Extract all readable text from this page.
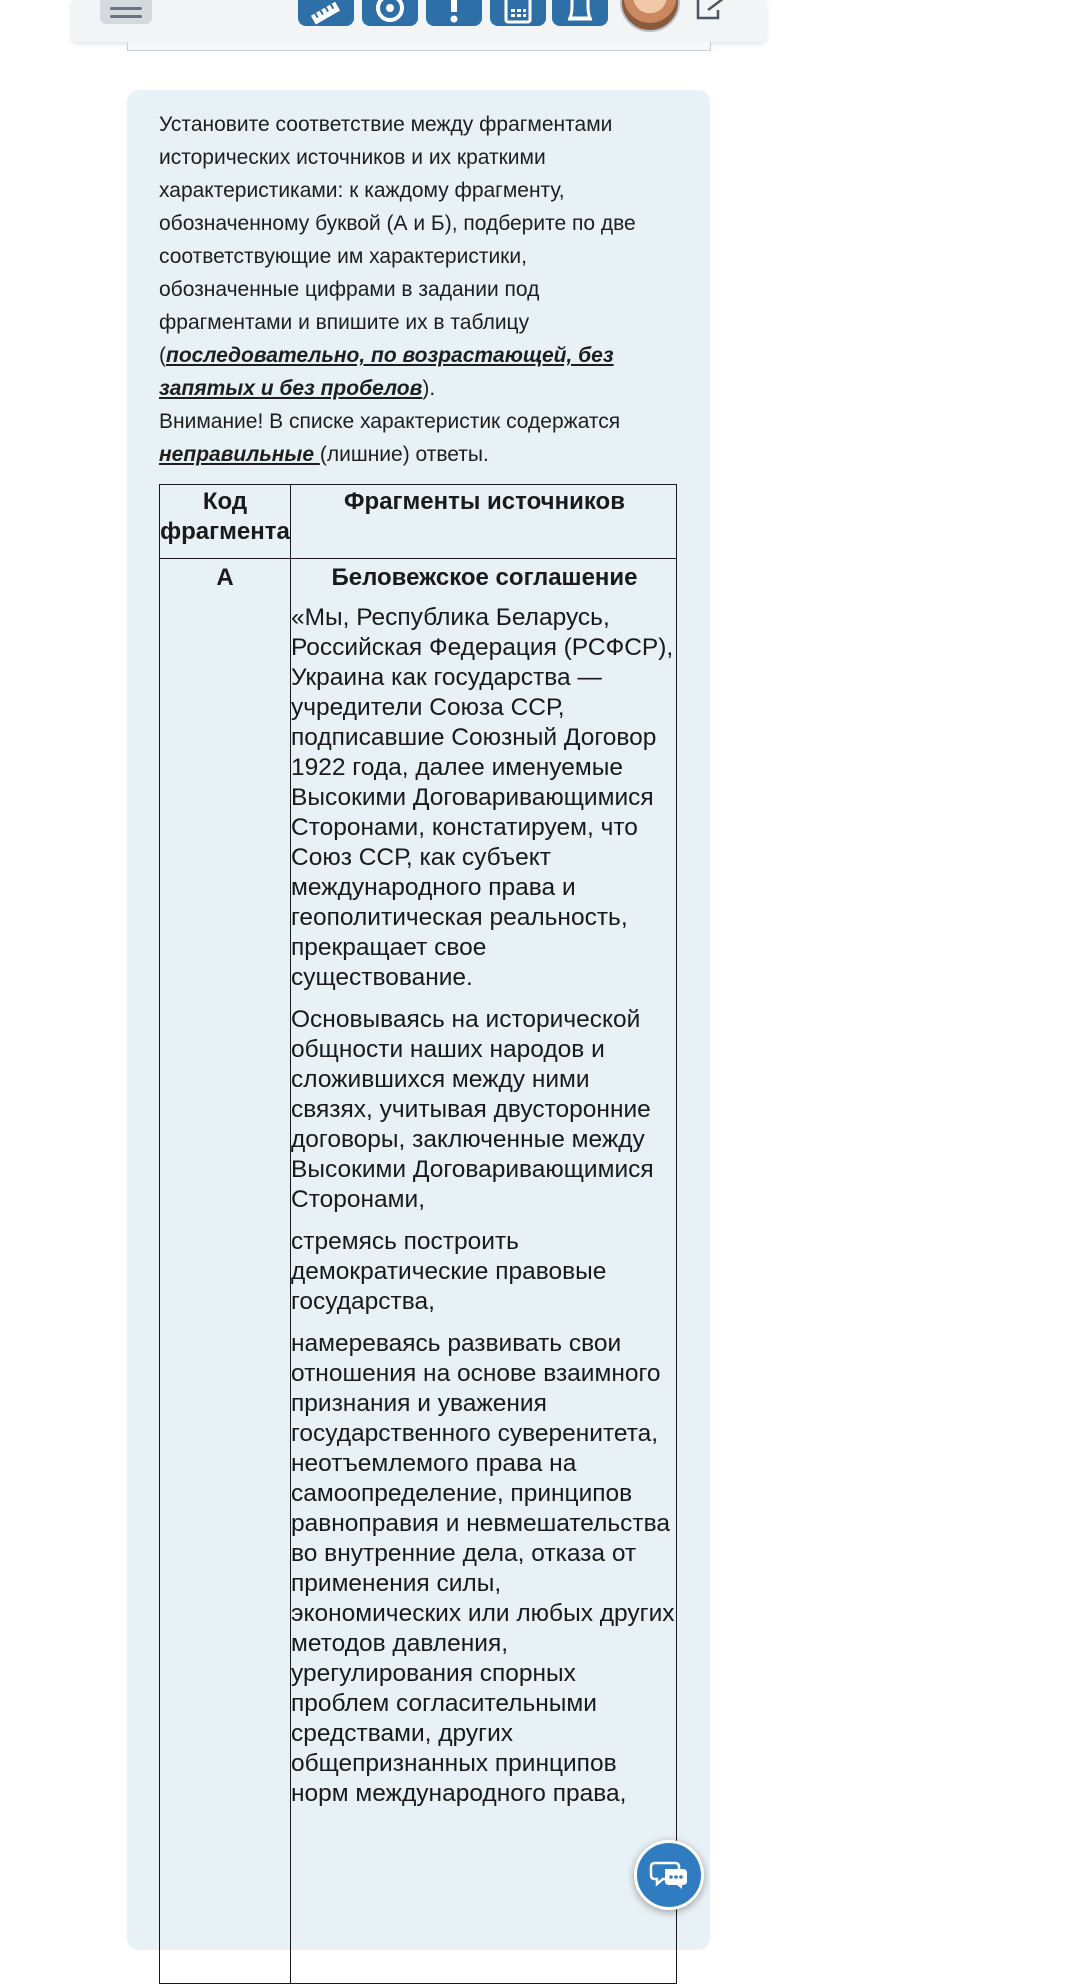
Установите соответствие между фрагментами

исторических источников и их краткими

характеристиками: к каждому фрагменту,

обозначенному буквой (А и Б), подберите по две

соответствующие им характеристики,

обозначенные цифрами в задании под

фрагментами и впишите их в таблицу

(последовательно, по возрастающей, без

запятых и без пробелов).

Внимание! В списке характеристик содержатся

неправильные (лишние) ответы.

Код
фрагмента
Фрагменты источников
А	Беловежское соглашение

«Мы, Республика Беларусь, Российская Федерация (РСФСР), Украина как государства — учредители Союза ССР, подписавшие Союзный Договор 1922 года, далее именуемые Высокими Договаривающимися Сторонами, констатируем, что Союз ССР, как субъект международного права и геополитическая реальность, прекращает свое существование.

Основываясь на исторической общности наших народов и сложившихся между ними связях, учитывая двусторонние договоры, заключенные между Высокими Договаривающимися Сторонами,

стремясь построить демократические правовые государства,

намереваясь развивать свои отношения на основе взаимного признания и уважения государственного суверенитета, неотъемлемого права на самоопределение, принципов равноправия и невмешательства во внутренние дела, отказа от применения силы, экономических или любых других методов давления, урегулирования спорных проблем согласительными средствами, других общепризнанных принципов норм международного права,
